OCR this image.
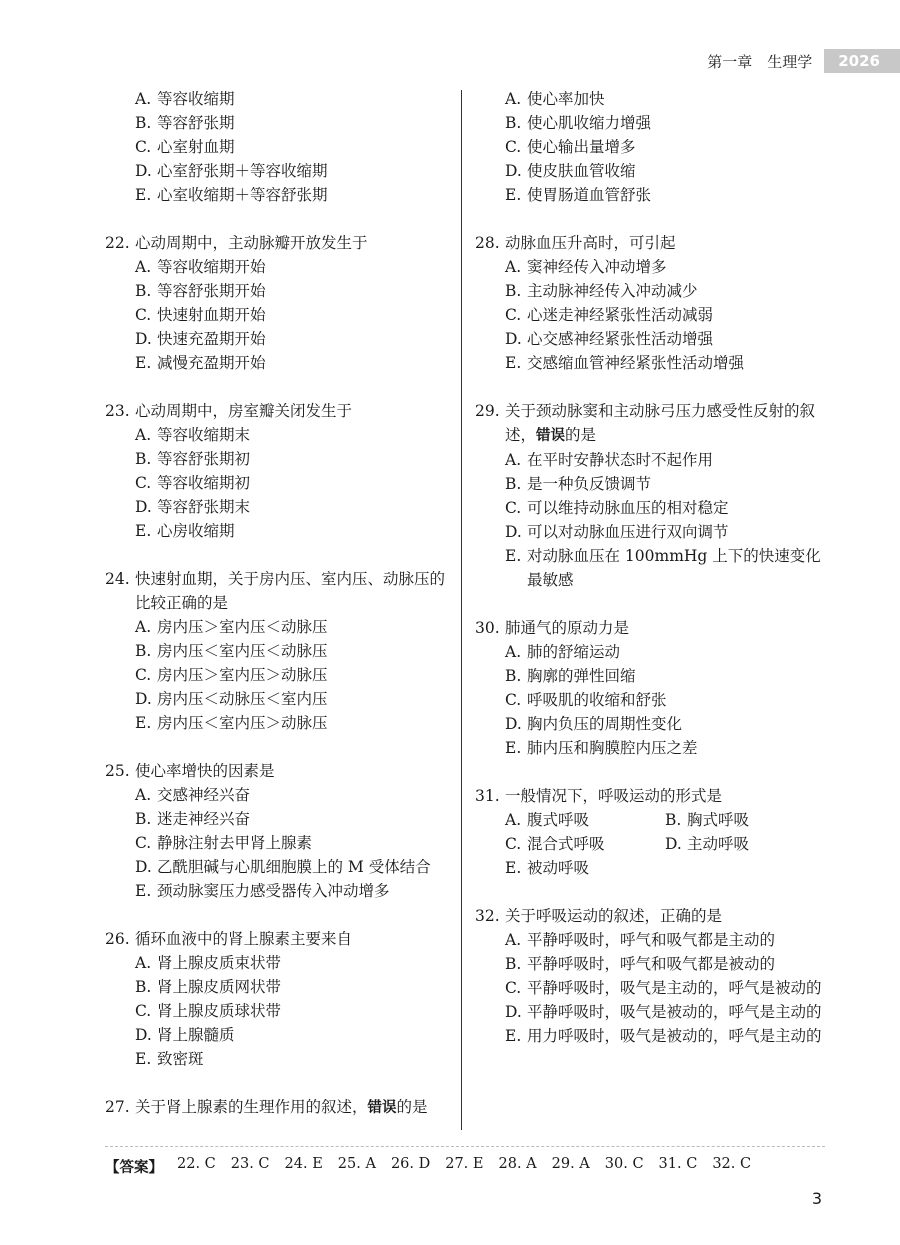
第一章　生理学	2026
A. 等容收缩期
B. 等容舒张期
C. 心室射血期
D. 心室舒张期＋等容收缩期
E. 心室收缩期＋等容舒张期
22. 心动周期中，主动脉瓣开放发生于
A. 等容收缩期开始
B. 等容舒张期开始
C. 快速射血期开始
D. 快速充盈期开始
E. 减慢充盈期开始
23. 心动周期中，房室瓣关闭发生于
A. 等容收缩期末
B. 等容舒张期初
C. 等容收缩期初
D. 等容舒张期末
E. 心房收缩期
24. 快速射血期，关于房内压、室内压、动脉压的比较正确的是
A. 房内压＞室内压＜动脉压
B. 房内压＜室内压＜动脉压
C. 房内压＞室内压＞动脉压
D. 房内压＜动脉压＜室内压
E. 房内压＜室内压＞动脉压
25. 使心率增快的因素是
A. 交感神经兴奋
B. 迷走神经兴奋
C. 静脉注射去甲肾上腺素
D. 乙酰胆碱与心肌细胞膜上的 M 受体结合
E. 颈动脉窦压力感受器传入冲动增多
26. 循环血液中的肾上腺素主要来自
A. 肾上腺皮质束状带
B. 肾上腺皮质网状带
C. 肾上腺皮质球状带
D. 肾上腺髓质
E. 致密斑
27. 关于肾上腺素的生理作用的叙述，错误的是
A. 使心率加快
B. 使心肌收缩力增强
C. 使心输出量增多
D. 使皮肤血管收缩
E. 使胃肠道血管舒张
28. 动脉血压升高时，可引起
A. 窦神经传入冲动增多
B. 主动脉神经传入冲动减少
C. 心迷走神经紧张性活动减弱
D. 心交感神经紧张性活动增强
E. 交感缩血管神经紧张性活动增强
29. 关于颈动脉窦和主动脉弓压力感受性反射的叙述，错误的是
A. 在平时安静状态时不起作用
B. 是一种负反馈调节
C. 可以维持动脉血压的相对稳定
D. 可以对动脉血压进行双向调节
E. 对动脉血压在 100mmHg 上下的快速变化最敏感
30. 肺通气的原动力是
A. 肺的舒缩运动
B. 胸廓的弹性回缩
C. 呼吸肌的收缩和舒张
D. 胸内负压的周期性变化
E. 肺内压和胸膜腔内压之差
31. 一般情况下，呼吸运动的形式是
A. 腹式呼吸	B. 胸式呼吸
C. 混合式呼吸	D. 主动呼吸
E. 被动呼吸
32. 关于呼吸运动的叙述，正确的是
A. 平静呼吸时，呼气和吸气都是主动的
B. 平静呼吸时，呼气和吸气都是被动的
C. 平静呼吸时，吸气是主动的，呼气是被动的
D. 平静呼吸时，吸气是被动的，呼气是主动的
E. 用力呼吸时，吸气是被动的，呼气是主动的
【答案】 22. C 23. C 24. E 25. A 26. D 27. E 28. A 29. A 30. C 31. C 32. C
3
